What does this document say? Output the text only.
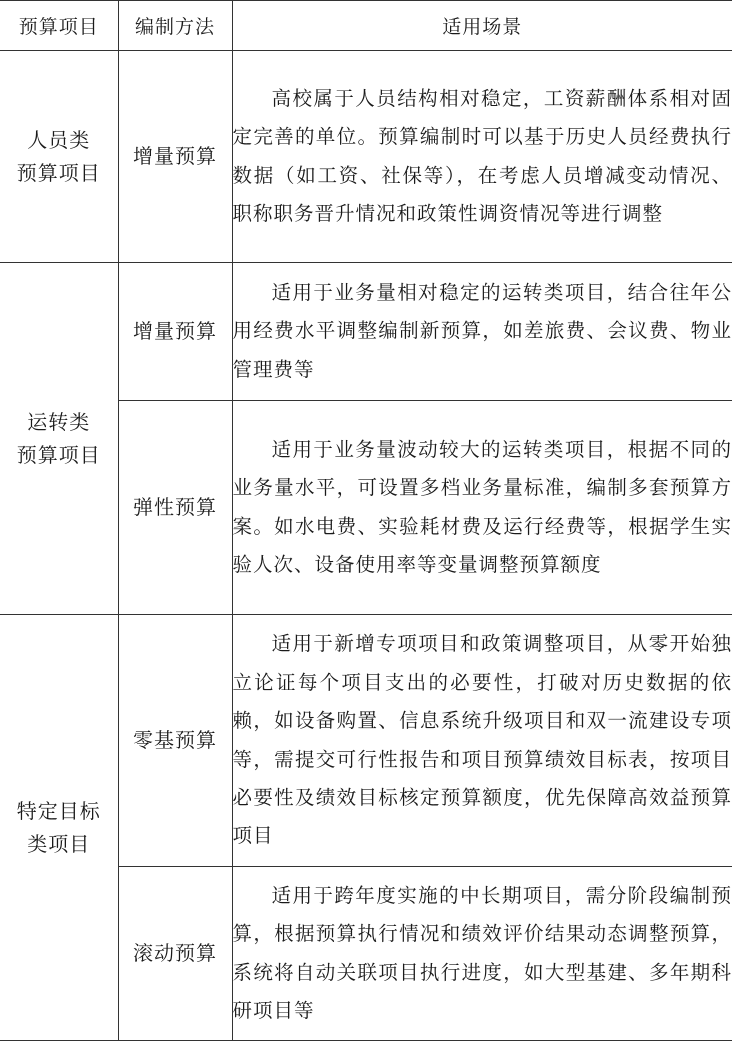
预算项目	编制方法	适用场景

人员类
预算项目	增量预算	高校属于人员结构相对稳定，工资薪酬体系相对固定完善的单位。预算编制时可以基于历史人员经费执行数据（如工资、社保等），在考虑人员增减变动情况、职称职务晋升情况和政策性调资情况等进行调整

运转类
预算项目	增量预算	适用于业务量相对稳定的运转类项目，结合往年公用经费水平调整编制新预算，如差旅费、会议费、物业管理费等

	弹性预算	适用于业务量波动较大的运转类项目，根据不同的业务量水平，可设置多档业务量标准，编制多套预算方案。如水电费、实验耗材费及运行经费等，根据学生实验人次、设备使用率等变量调整预算额度

特定目标
类项目	零基预算	适用于新增专项项目和政策调整项目，从零开始独立论证每个项目支出的必要性，打破对历史数据的依赖，如设备购置、信息系统升级项目和双一流建设专项等，需提交可行性报告和项目预算绩效目标表，按项目必要性及绩效目标核定预算额度，优先保障高效益预算项目

	滚动预算	适用于跨年度实施的中长期项目，需分阶段编制预算，根据预算执行情况和绩效评价结果动态调整预算，系统将自动关联项目执行进度，如大型基建、多年期科研项目等
